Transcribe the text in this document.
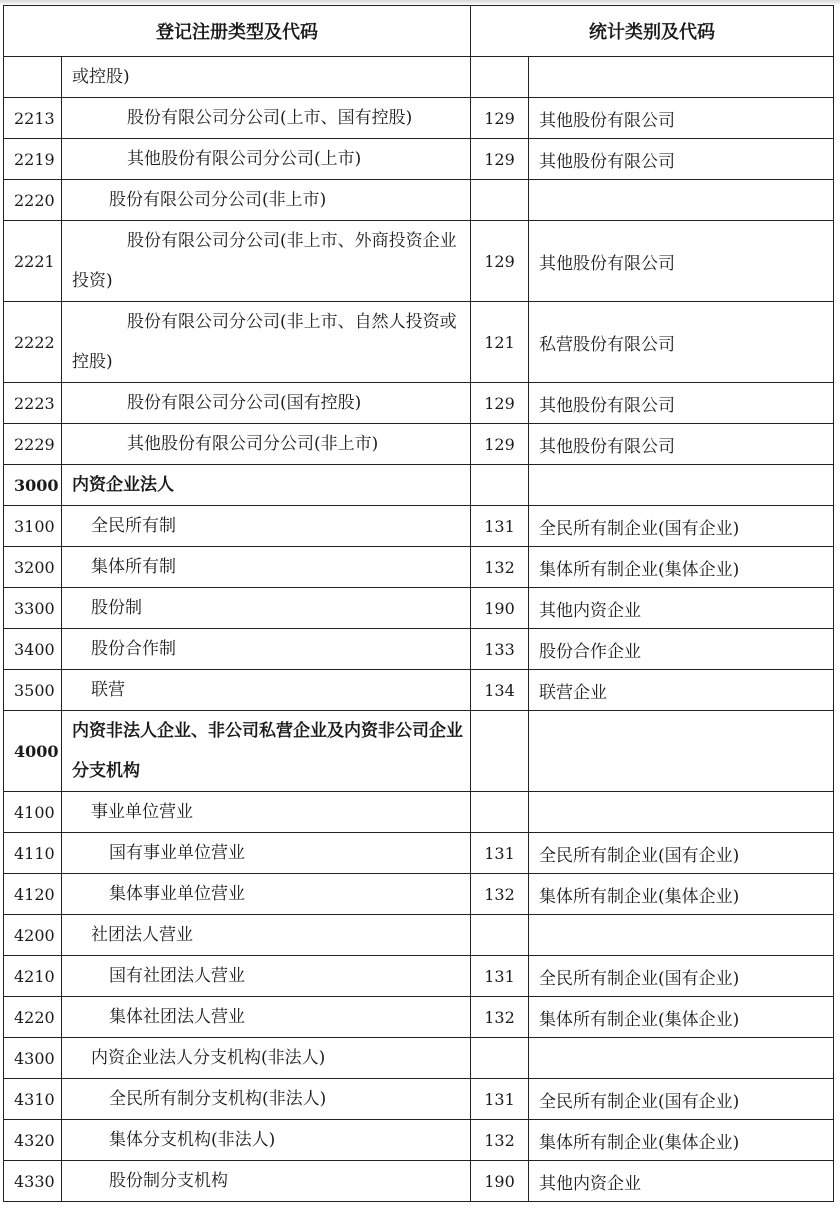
登记注册类型及代码		统计类别及代码	
	或控股)		
2213	股份有限公司分公司(上市、国有控股)	129	其他股份有限公司
2219	其他股份有限公司分公司(上市)	129	其他股份有限公司
2220	股份有限公司分公司(非上市)		
2221	股份有限公司分公司(非上市、外商投资企业投资)	129	其他股份有限公司
2222	股份有限公司分公司(非上市、自然人投资或控股)	121	私营股份有限公司
2223	股份有限公司分公司(国有控股)	129	其他股份有限公司
2229	其他股份有限公司分公司(非上市)	129	其他股份有限公司
3000	内资企业法人		
3100	全民所有制	131	全民所有制企业(国有企业)
3200	集体所有制	132	集体所有制企业(集体企业)
3300	股份制	190	其他内资企业
3400	股份合作制	133	股份合作企业
3500	联营	134	联营企业
4000	内资非法人企业、非公司私营企业及内资非公司企业分支机构		
4100	事业单位营业		
4110	国有事业单位营业	131	全民所有制企业(国有企业)
4120	集体事业单位营业	132	集体所有制企业(集体企业)
4200	社团法人营业		
4210	国有社团法人营业	131	全民所有制企业(国有企业)
4220	集体社团法人营业	132	集体所有制企业(集体企业)
4300	内资企业法人分支机构(非法人)		
4310	全民所有制分支机构(非法人)	131	全民所有制企业(国有企业)
4320	集体分支机构(非法人)	132	集体所有制企业(集体企业)
4330	股份制分支机构	190	其他内资企业
